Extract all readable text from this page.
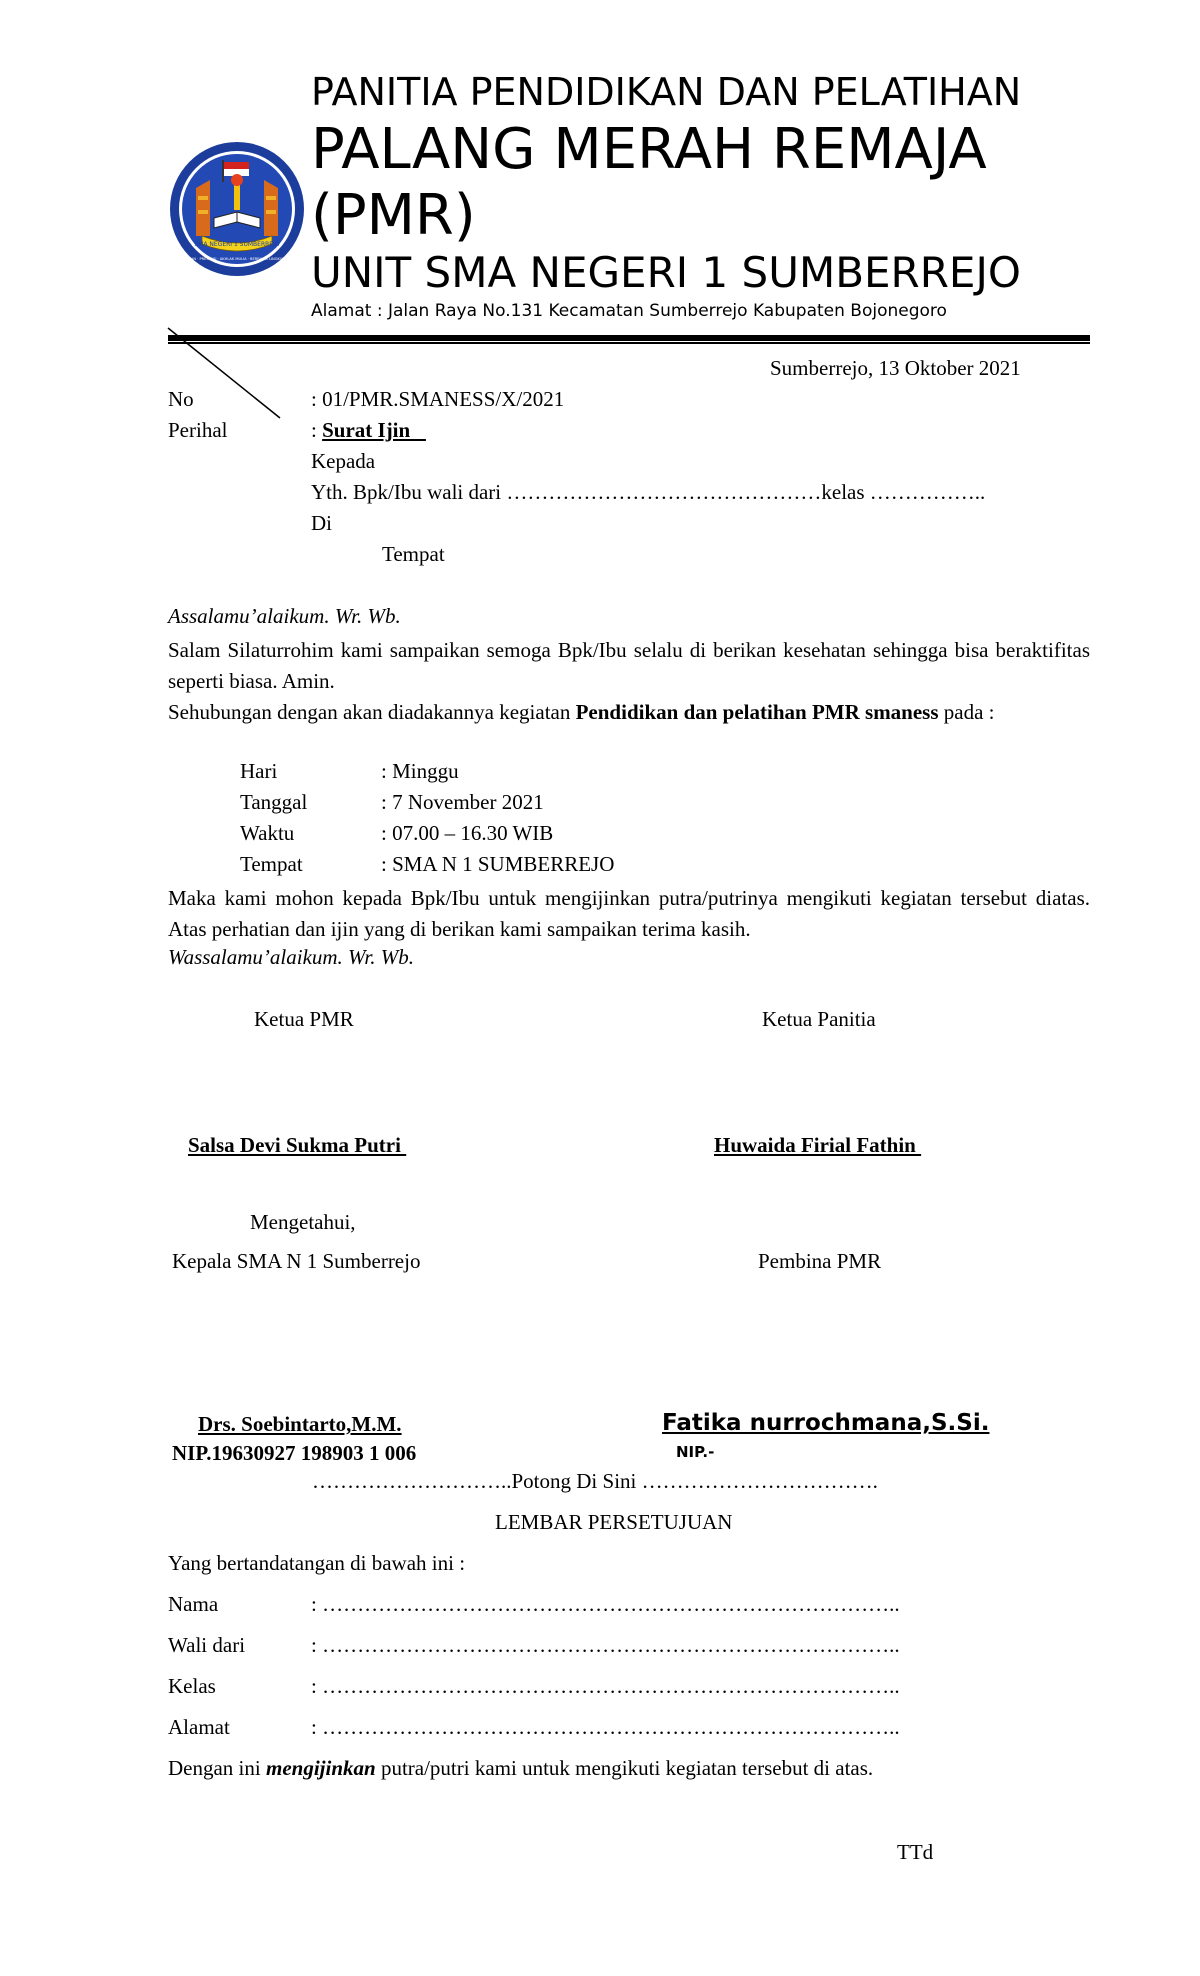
SMA NEGERI 1 SUMBERREJO
DISIPLIN · PRESTASI · AKHLAK MULIA · BERBASIS LINGKUNGAN
PANITIA PENDIDIKAN DAN PELATIHAN
PALANG MERAH REMAJA
(PMR)
UNIT SMA NEGERI 1 SUMBERREJO
Alamat : Jalan Raya No.131 Kecamatan Sumberrejo Kabupaten Bojonegoro
Sumberrejo, 13 Oktober 2021
No	: 01/PMR.SMANESS/X/2021
Perihal	: Surat Ijin
Kepada
Yth. Bpk/Ibu wali dari ………………………………………kelas ……………..
Di
Tempat
Assalamu’alaikum. Wr. Wb.
Salam Silaturrohim kami sampaikan semoga Bpk/Ibu selalu di berikan kesehatan sehingga bisa beraktifitas seperti biasa. Amin.
Sehubungan dengan akan diadakannya kegiatan Pendidikan dan pelatihan PMR smaness pada :
Hari	: Minggu
Tanggal	: 7 November 2021
Waktu	: 07.00 – 16.30 WIB
Tempat	: SMA N 1 SUMBERREJO
Maka kami mohon kepada Bpk/Ibu untuk mengijinkan putra/putrinya mengikuti kegiatan tersebut diatas. Atas perhatian dan ijin yang di berikan kami sampaikan terima kasih.
Wassalamu’alaikum. Wr. Wb.
Ketua PMR	Ketua Panitia
Salsa Devi Sukma Putri	Huwaida Firial Fathin
Mengetahui,
Kepala SMA N 1 Sumberrejo	Pembina PMR
Drs. Soebintarto,M.M.	Fatika nurrochmana,S.Si.
NIP.19630927 198903 1 006	NIP.-
………………………..Potong Di Sini …………………………….
LEMBAR PERSETUJUAN
Yang bertandatangan di bawah ini :
Nama	: ………………………………………………………………………..
Wali dari	: ………………………………………………………………………..
Kelas	: ………………………………………………………………………..
Alamat	: ………………………………………………………………………..
Dengan ini mengijinkan putra/putri kami untuk mengikuti kegiatan tersebut di atas.
TTd
